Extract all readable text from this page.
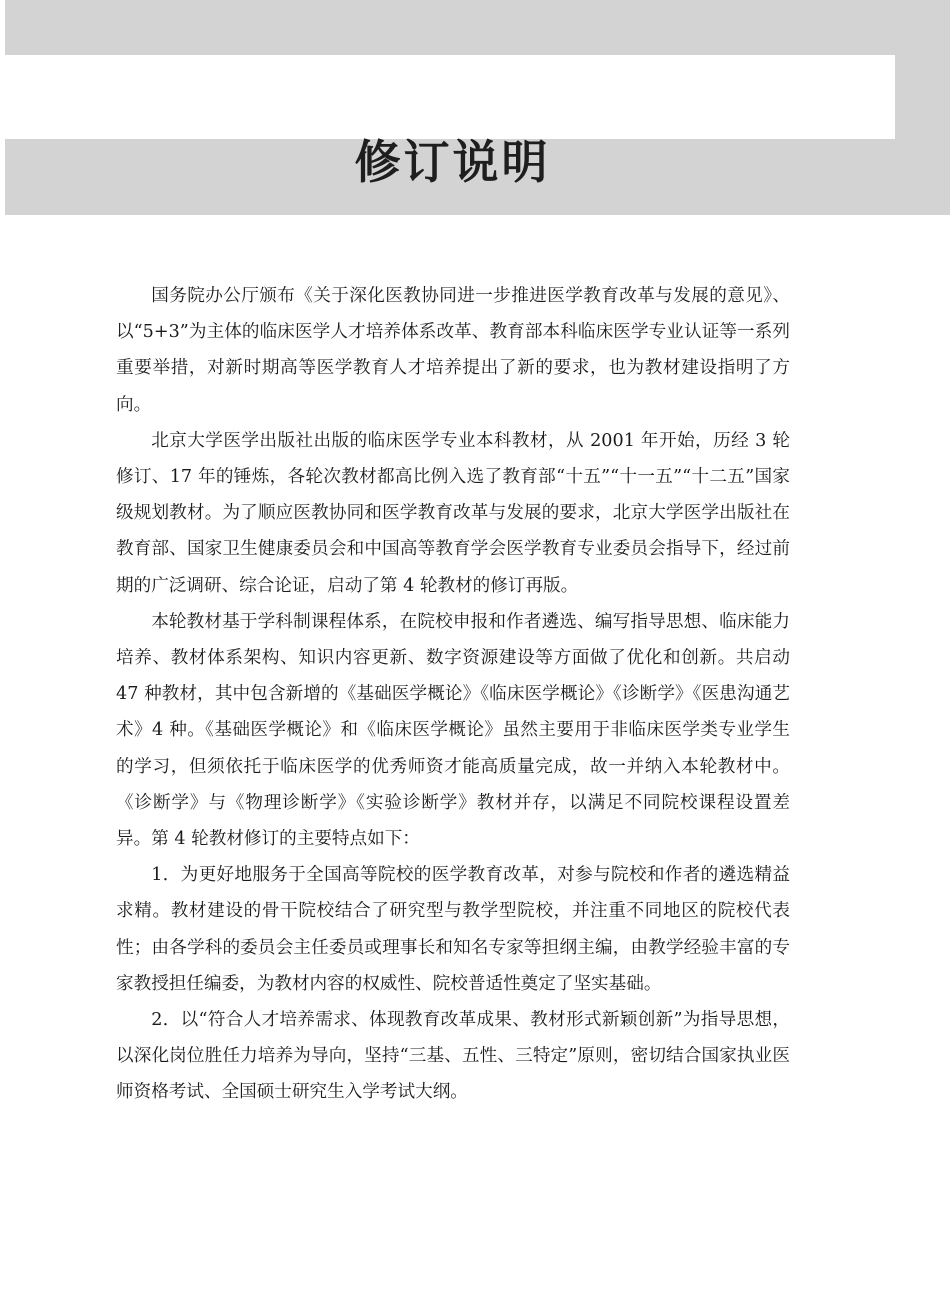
修订说明

国务院办公厅颁布《关于深化医教协同进一步推进医学教育改革与发展的意见》、以“5+3”为主体的临床医学人才培养体系改革、教育部本科临床医学专业认证等一系列重要举措，对新时期高等医学教育人才培养提出了新的要求，也为教材建设指明了方向。

北京大学医学出版社出版的临床医学专业本科教材，从 2001 年开始，历经 3 轮修订、17 年的锤炼，各轮次教材都高比例入选了教育部“十五”“十一五”“十二五”国家级规划教材。为了顺应医教协同和医学教育改革与发展的要求，北京大学医学出版社在教育部、国家卫生健康委员会和中国高等教育学会医学教育专业委员会指导下，经过前期的广泛调研、综合论证，启动了第 4 轮教材的修订再版。

本轮教材基于学科制课程体系，在院校申报和作者遴选、编写指导思想、临床能力培养、教材体系架构、知识内容更新、数字资源建设等方面做了优化和创新。共启动 47 种教材，其中包含新增的《基础医学概论》《临床医学概论》《诊断学》《医患沟通艺术》4 种。《基础医学概论》和《临床医学概论》虽然主要用于非临床医学类专业学生的学习，但须依托于临床医学的优秀师资才能高质量完成，故一并纳入本轮教材中。《诊断学》与《物理诊断学》《实验诊断学》教材并存，以满足不同院校课程设置差异。第 4 轮教材修订的主要特点如下：

1．为更好地服务于全国高等院校的医学教育改革，对参与院校和作者的遴选精益求精。教材建设的骨干院校结合了研究型与教学型院校，并注重不同地区的院校代表性；由各学科的委员会主任委员或理事长和知名专家等担纲主编，由教学经验丰富的专家教授担任编委，为教材内容的权威性、院校普适性奠定了坚实基础。

2．以“符合人才培养需求、体现教育改革成果、教材形式新颖创新”为指导思想，以深化岗位胜任力培养为导向，坚持“三基、五性、三特定”原则，密切结合国家执业医师资格考试、全国硕士研究生入学考试大纲。
